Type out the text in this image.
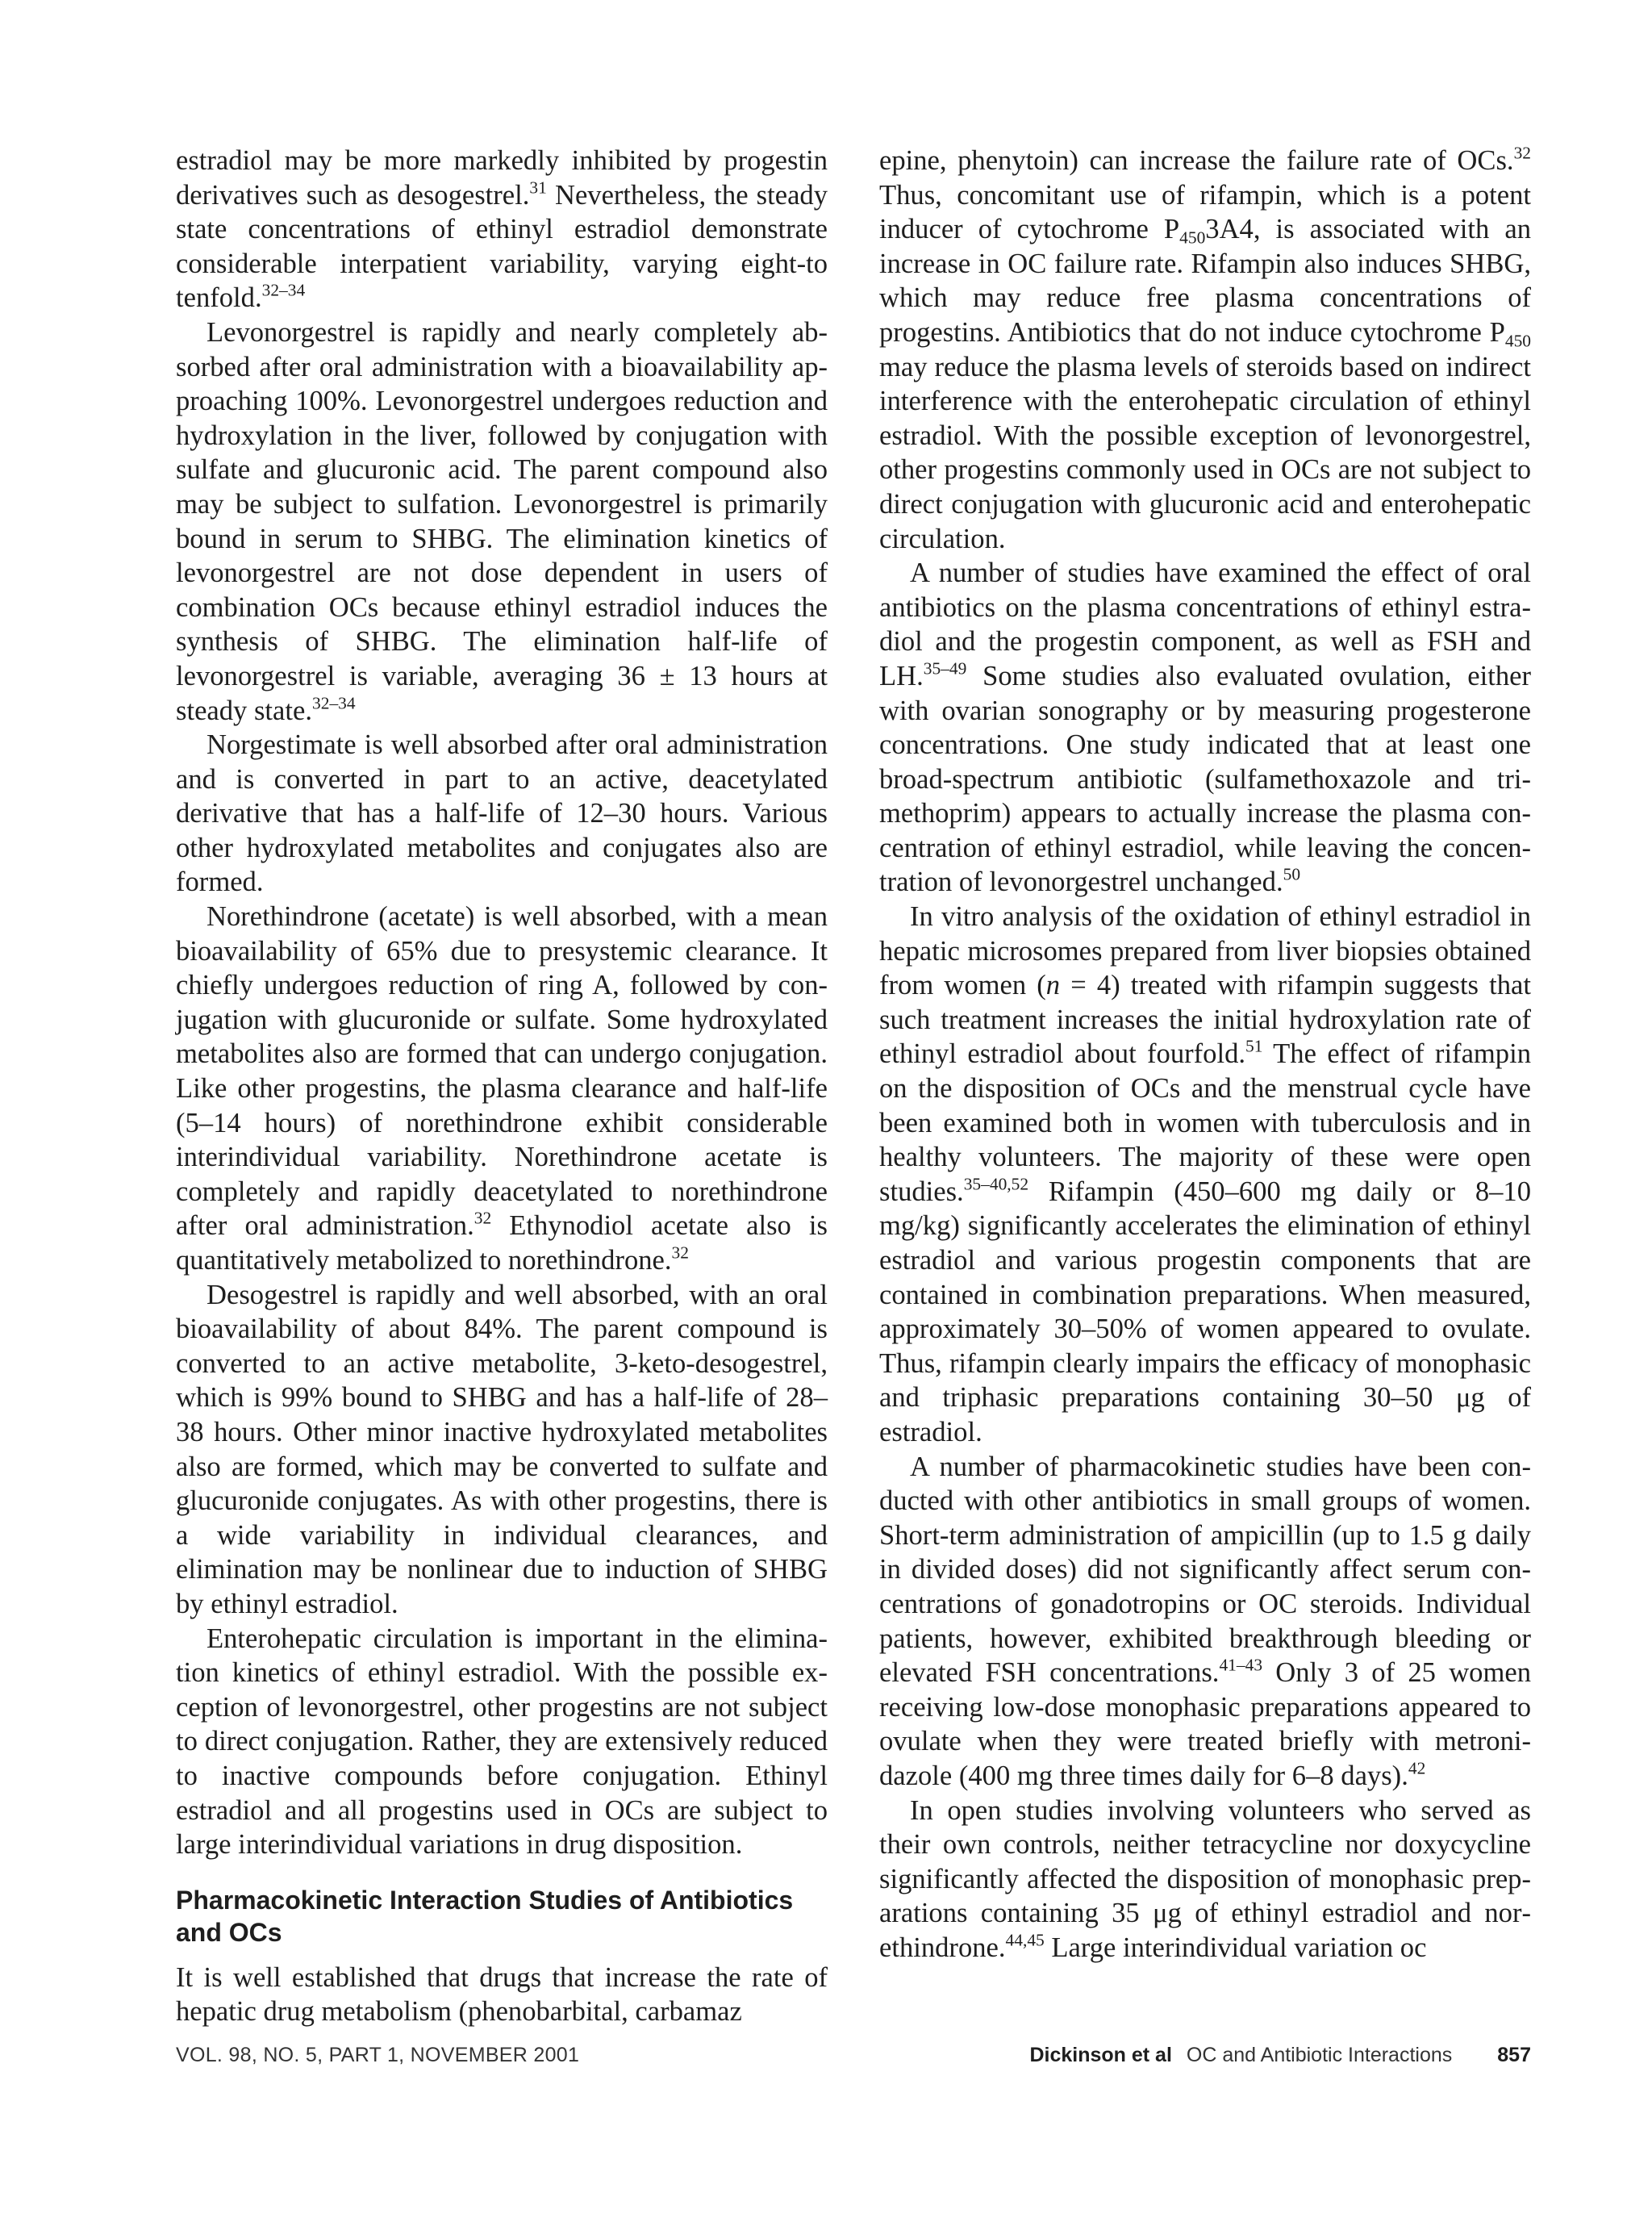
estradiol may be more markedly inhibited by progestin derivatives such as desogestrel.$^{31}$ Nevertheless, the steady state concentrations of ethinyl estradiol demonstrate considerable interpatient variability, varying eight-to tenfold.$^{32-34}$

Levonorgestrel is rapidly and nearly completely absorbed after oral administration with a bioavailability approaching 100%. Levonorgestrel undergoes reduction and hydroxylation in the liver, followed by conjugation with sulfate and glucuronic acid. The parent compound also may be subject to sulfation. Levonorgestrel is primarily bound in serum to SHBG. The elimination kinetics of levonorgestrel are not dose dependent in users of combination OCs because ethinyl estradiol induces the synthesis of SHBG. The elimination half-life of levonorgestrel is variable, averaging 36 ± 13 hours at steady state.$^{32-34}$

Norgestimate is well absorbed after oral administration and is converted in part to an active, deacetylated derivative that has a half-life of 12–30 hours. Various other hydroxylated metabolites and conjugates also are formed.

Norethindrone (acetate) is well absorbed, with a mean bioavailability of 65% due to presystemic clearance. It chiefly undergoes reduction of ring A, followed by conjugation with glucuronide or sulfate. Some hydroxylated metabolites also are formed that can undergo conjugation. Like other progestins, the plasma clearance and half-life (5–14 hours) of norethindrone exhibit considerable interindividual variability. Norethindrone acetate is completely and rapidly deacetylated to norethindrone after oral administration.$^{32}$ Ethynodiol acetate also is quantitatively metabolized to norethindrone.$^{32}$

Desogestrel is rapidly and well absorbed, with an oral bioavailability of about 84%. The parent compound is converted to an active metabolite, 3-keto-desogestrel, which is 99% bound to SHBG and has a half-life of 28–38 hours. Other minor inactive hydroxylated metabolites also are formed, which may be converted to sulfate and glucuronide conjugates. As with other progestins, there is a wide variability in individual clearances, and elimination may be nonlinear due to induction of SHBG by ethinyl estradiol.

Enterohepatic circulation is important in the elimination kinetics of ethinyl estradiol. With the possible exception of levonorgestrel, other progestins are not subject to direct conjugation. Rather, they are extensively reduced to inactive compounds before conjugation. Ethinyl estradiol and all progestins used in OCs are subject to large interindividual variations in drug disposition.

Pharmacokinetic Interaction Studies of Antibiotics and OCs

It is well established that drugs that increase the rate of hepatic drug metabolism (phenobarbital, carbamaz

epine, phenytoin) can increase the failure rate of OCs.$^{32}$ Thus, concomitant use of rifampin, which is a potent inducer of cytochrome $P_{450}3A4$, is associated with an increase in OC failure rate. Rifampin also induces SHBG, which may reduce free plasma concentrations of progestins. Antibiotics that do not induce cytochrome $P_{450}$ may reduce the plasma levels of steroids based on indirect interference with the enterohepatic circulation of ethinyl estradiol. With the possible exception of levonorgestrel, other progestins commonly used in OCs are not subject to direct conjugation with glucuronic acid and enterohepatic circulation.

A number of studies have examined the effect of oral antibiotics on the plasma concentrations of ethinyl estradiol and the progestin component, as well as FSH and LH.$^{35-49}$ Some studies also evaluated ovulation, either with ovarian sonography or by measuring progesterone concentrations. One study indicated that at least one broad-spectrum antibiotic (sulfamethoxazole and trimethoprim) appears to actually increase the plasma concentration of ethinyl estradiol, while leaving the concentration of levonorgestrel unchanged.$^{50}$

In vitro analysis of the oxidation of ethinyl estradiol in hepatic microsomes prepared from liver biopsies obtained from women (n = 4) treated with rifampin suggests that such treatment increases the initial hydroxylation rate of ethinyl estradiol about fourfold.$^{51}$ The effect of rifampin on the disposition of OCs and the menstrual cycle have been examined both in women with tuberculosis and in healthy volunteers. The majority of these were open studies.$^{35-40,52}$ Rifampin (450–600 mg daily or 8–10 mg/kg) significantly accelerates the elimination of ethinyl estradiol and various progestin components that are contained in combination preparations. When measured, approximately 30–50% of women appeared to ovulate. Thus, rifampin clearly impairs the efficacy of monophasic and triphasic preparations containing 30–50 μg of estradiol.

A number of pharmacokinetic studies have been conducted with other antibiotics in small groups of women. Short-term administration of ampicillin (up to 1.5 g daily in divided doses) did not significantly affect serum concentrations of gonadotropins or OC steroids. Individual patients, however, exhibited breakthrough bleeding or elevated FSH concentrations.$^{41-43}$ Only 3 of 25 women receiving low-dose monophasic preparations appeared to ovulate when they were treated briefly with metronidazole (400 mg three times daily for 6–8 days).$^{42}$

In open studies involving volunteers who served as their own controls, neither tetracycline nor doxycycline significantly affected the disposition of monophasic preparations containing 35 μg of ethinyl estradiol and norethindrone.$^{44,45}$ Large interindividual variation oc

VOL. 98, NO. 5, PART 1, NOVEMBER 2001	Dickinson et al OC and Antibiotic Interactions 857
